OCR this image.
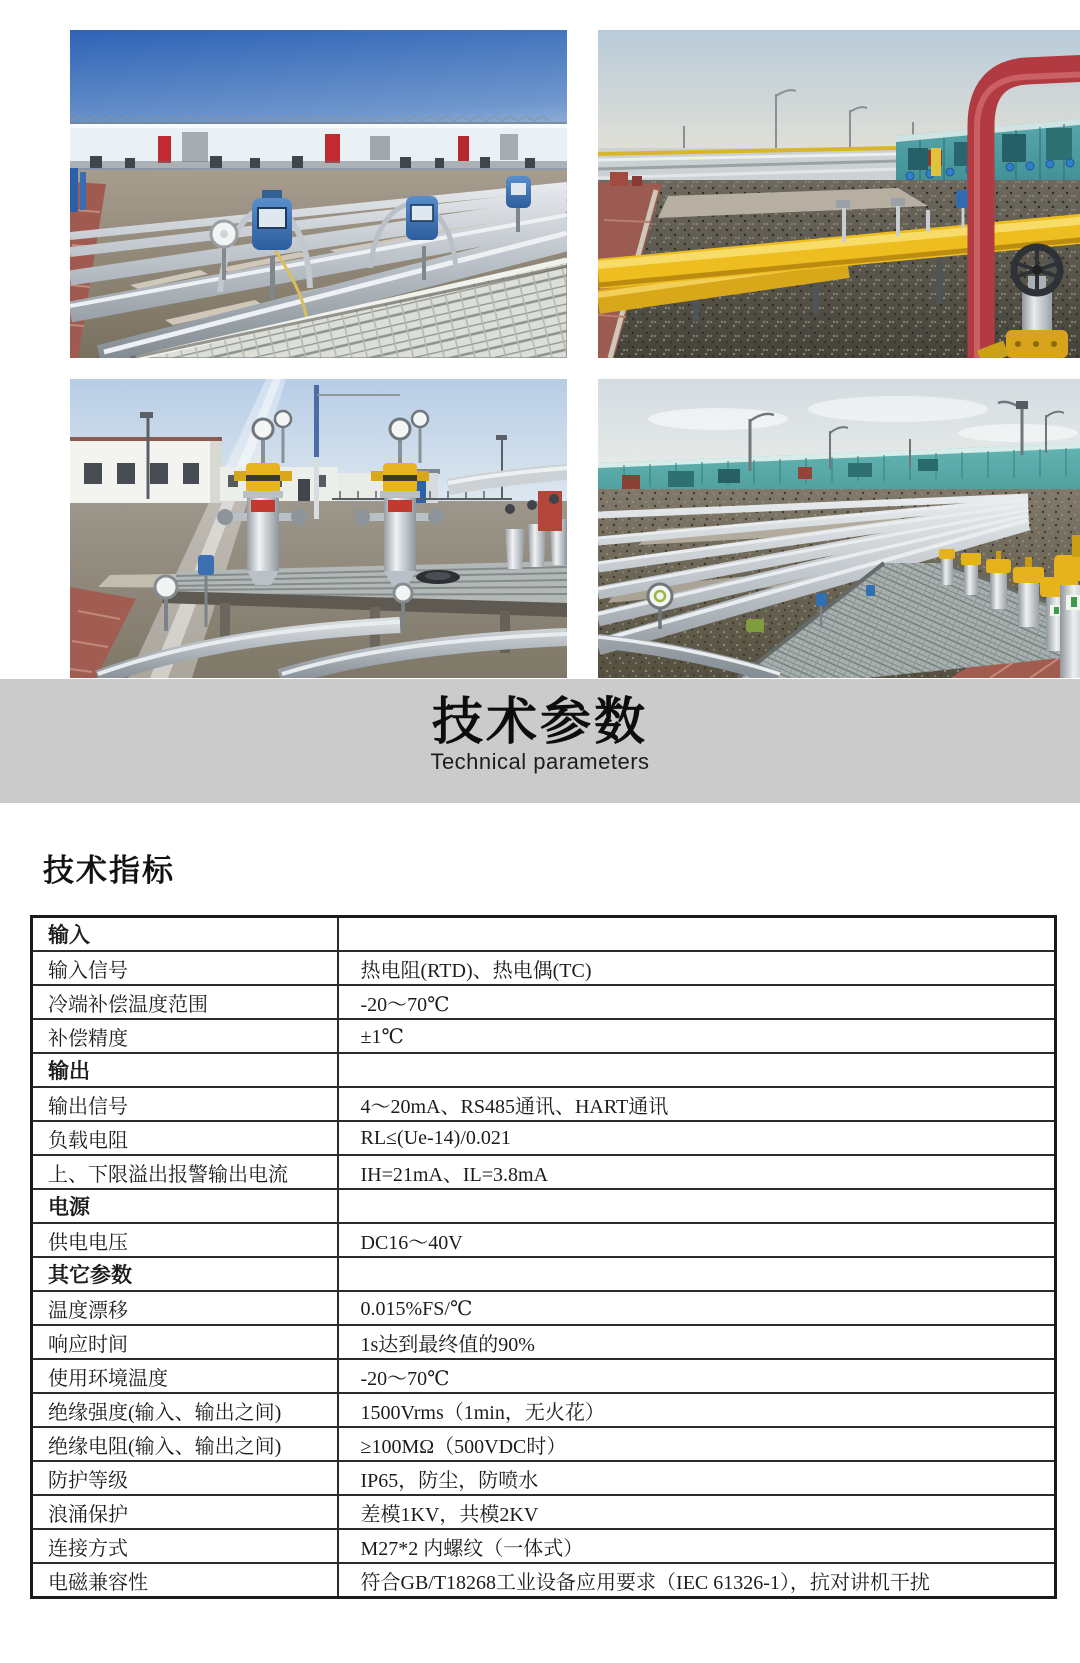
技术参数

Technical parameters

技术指标
输入	
输入信号	热电阻(RTD)、热电偶(TC)
冷端补偿温度范围	-20～70℃
补偿精度	±1℃
输出	
输出信号	4～20mA、RS485通讯、HART通讯
负载电阻	RL≤(Ue-14)/0.021
上、下限溢出报警输出电流	IH=21mA、IL=3.8mA
电源	
供电电压	DC16～40V
其它参数	
温度漂移	0.015%FS/℃
响应时间	1s达到最终值的90%
使用环境温度	-20～70℃
绝缘强度(输入、输出之间)	1500Vrms（1min，无火花）
绝缘电阻(输入、输出之间)	≥100MΩ（500VDC时）
防护等级	IP65，防尘，防喷水
浪涌保护	差模1KV，共模2KV
连接方式	M27*2 内螺纹（一体式）
电磁兼容性	符合GB/T18268工业设备应用要求（IEC 61326-1），抗对讲机干扰
